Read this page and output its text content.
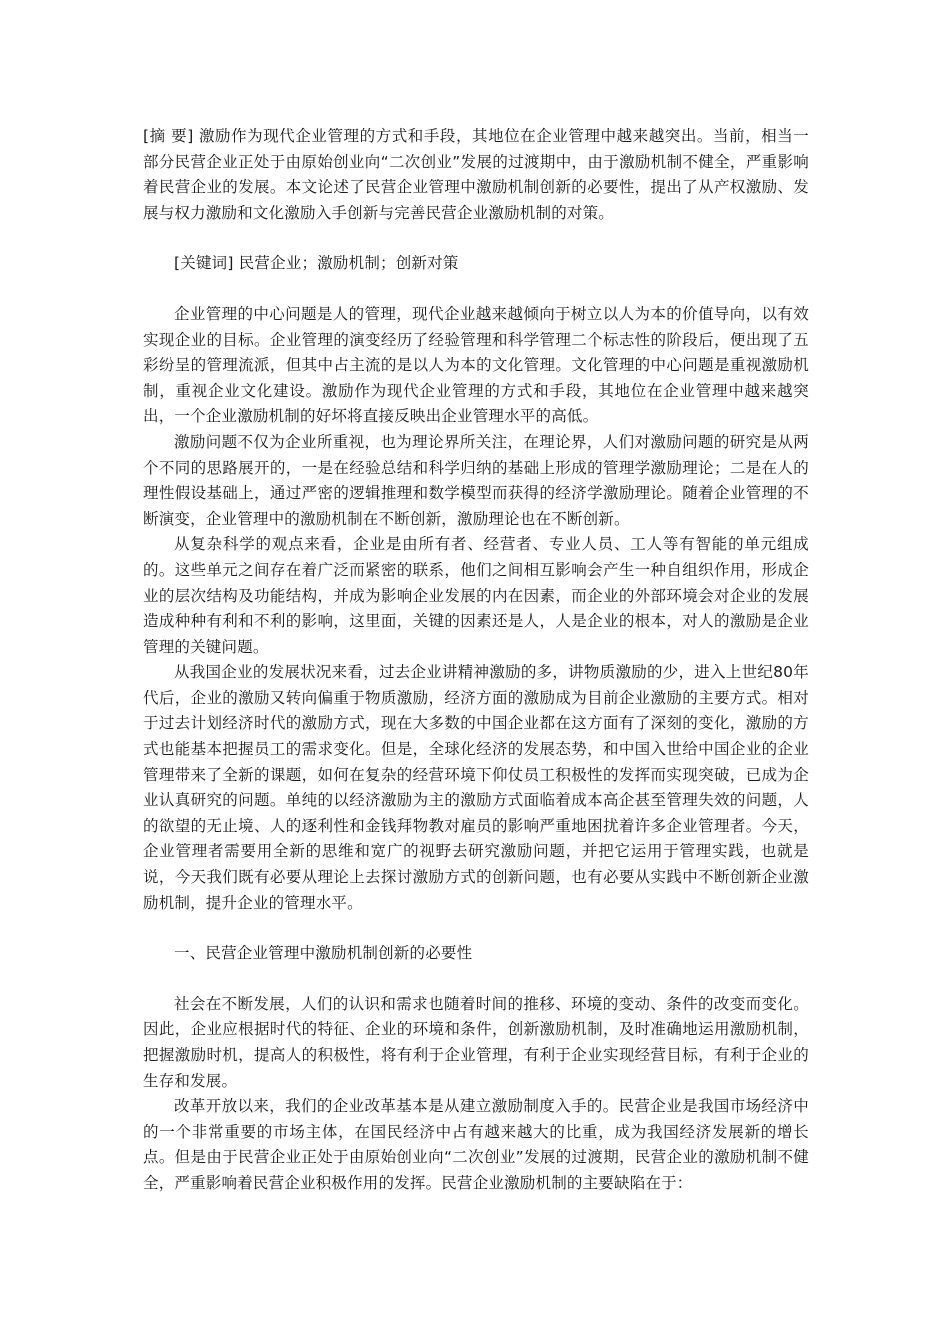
[摘 要] 激励作为现代企业管理的方式和手段，其地位在企业管理中越来越突出。当前，相当一部分民营企业正处于由原始创业向“二次创业”发展的过渡期中，由于激励机制不健全，严重影响着民营企业的发展。本文论述了民营企业管理中激励机制创新的必要性，提出了从产权激励、发展与权力激励和文化激励入手创新与完善民营企业激励机制的对策。

[关键词] 民营企业；激励机制；创新对策

企业管理的中心问题是人的管理，现代企业越来越倾向于树立以人为本的价值导向，以有效实现企业的目标。企业管理的演变经历了经验管理和科学管理二个标志性的阶段后，便出现了五彩纷呈的管理流派，但其中占主流的是以人为本的文化管理。文化管理的中心问题是重视激励机制，重视企业文化建设。激励作为现代企业管理的方式和手段，其地位在企业管理中越来越突出，一个企业激励机制的好坏将直接反映出企业管理水平的高低。

激励问题不仅为企业所重视，也为理论界所关注，在理论界，人们对激励问题的研究是从两个不同的思路展开的，一是在经验总结和科学归纳的基础上形成的管理学激励理论；二是在人的理性假设基础上，通过严密的逻辑推理和数学模型而获得的经济学激励理论。随着企业管理的不断演变，企业管理中的激励机制在不断创新，激励理论也在不断创新。

从复杂科学的观点来看，企业是由所有者、经营者、专业人员、工人等有智能的单元组成的。这些单元之间存在着广泛而紧密的联系，他们之间相互影响会产生一种自组织作用，形成企业的层次结构及功能结构，并成为影响企业发展的内在因素，而企业的外部环境会对企业的发展造成种种有利和不利的影响，这里面，关键的因素还是人，人是企业的根本，对人的激励是企业管理的关键问题。

从我国企业的发展状况来看，过去企业讲精神激励的多，讲物质激励的少，进入上世纪80年代后，企业的激励又转向偏重于物质激励，经济方面的激励成为目前企业激励的主要方式。相对于过去计划经济时代的激励方式，现在大多数的中国企业都在这方面有了深刻的变化，激励的方式也能基本把握员工的需求变化。但是，全球化经济的发展态势，和中国入世给中国企业的企业管理带来了全新的课题，如何在复杂的经营环境下仰仗员工积极性的发挥而实现突破，已成为企业认真研究的问题。单纯的以经济激励为主的激励方式面临着成本高企甚至管理失效的问题，人的欲望的无止境、人的逐利性和金钱拜物教对雇员的影响严重地困扰着许多企业管理者。今天，企业管理者需要用全新的思维和宽广的视野去研究激励问题，并把它运用于管理实践，也就是说，今天我们既有必要从理论上去探讨激励方式的创新问题，也有必要从实践中不断创新企业激励机制，提升企业的管理水平。

一、民营企业管理中激励机制创新的必要性

社会在不断发展，人们的认识和需求也随着时间的推移、环境的变动、条件的改变而变化。因此，企业应根据时代的特征、企业的环境和条件，创新激励机制，及时准确地运用激励机制，把握激励时机，提高人的积极性，将有利于企业管理，有利于企业实现经营目标，有利于企业的生存和发展。

改革开放以来，我们的企业改革基本是从建立激励制度入手的。民营企业是我国市场经济中的一个非常重要的市场主体，在国民经济中占有越来越大的比重，成为我国经济发展新的增长点。但是由于民营企业正处于由原始创业向“二次创业”发展的过渡期，民营企业的激励机制不健全，严重影响着民营企业积极作用的发挥。民营企业激励机制的主要缺陷在于：
